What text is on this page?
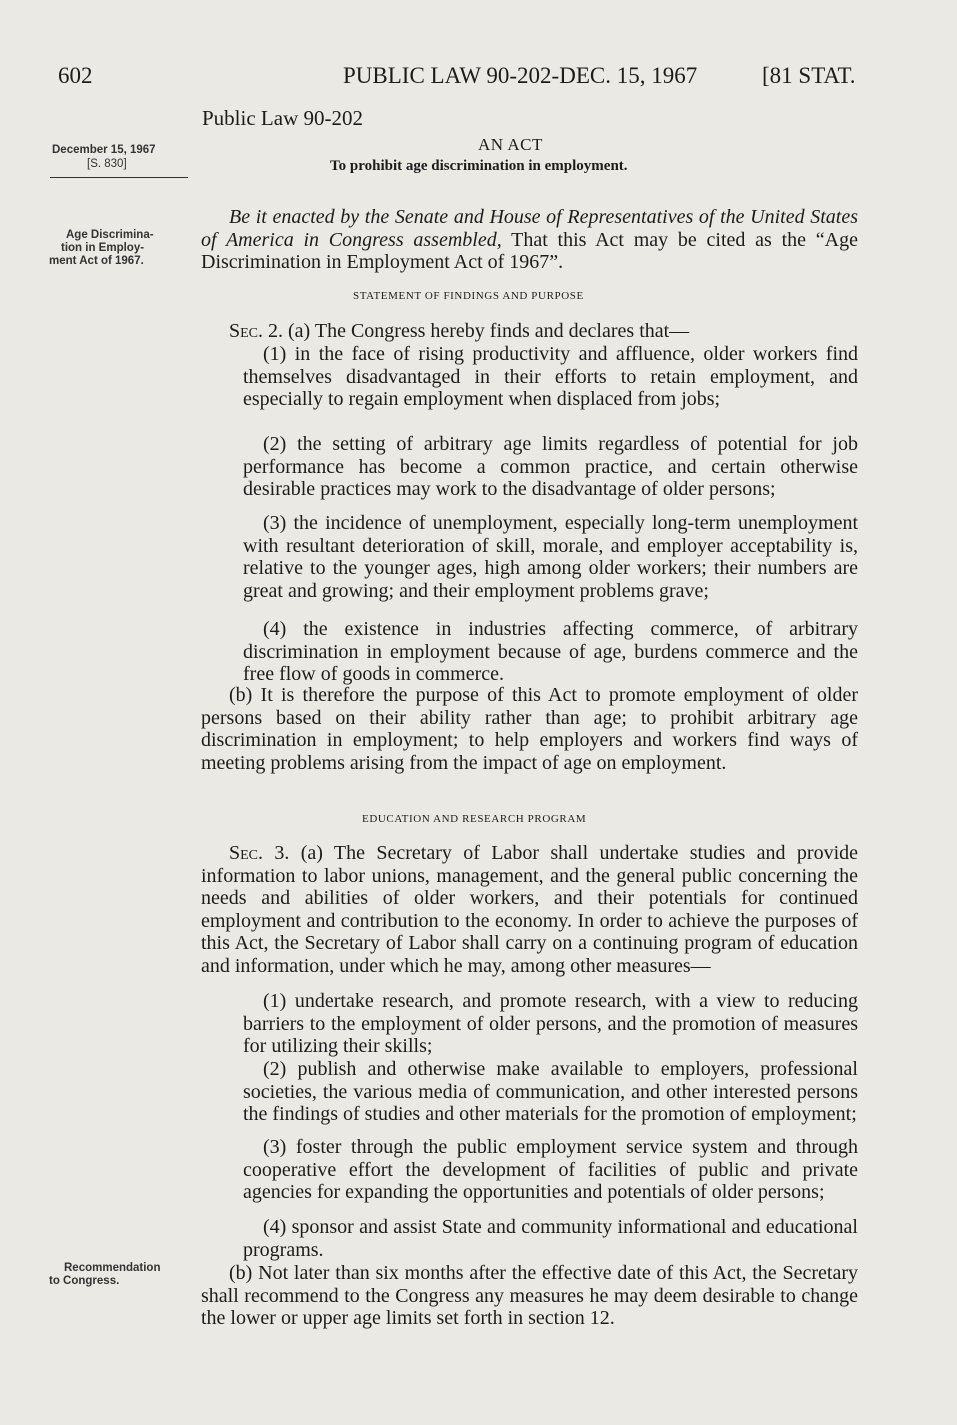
602	PUBLIC LAW 90-202-DEC. 15, 1967	[81 STAT.
Public Law 90-202
AN ACT
To prohibit age discrimination in employment.
December 15, 1967
[S. 830]
Age Discrimina-
tion in Employ-
ment Act of 1967.
Recommendation
to Congress.
Be it enacted by the Senate and House of Representatives of the United States of America in Congress assembled, That this Act may be cited as the “Age Discrimination in Employment Act of 1967”.
STATEMENT OF FINDINGS AND PURPOSE
Sec. 2. (a) The Congress hereby finds and declares that—
(1) in the face of rising productivity and affluence, older workers find themselves disadvantaged in their efforts to retain employment, and especially to regain employment when displaced from jobs;
(2) the setting of arbitrary age limits regardless of potential for job performance has become a common practice, and certain otherwise desirable practices may work to the disadvantage of older persons;
(3) the incidence of unemployment, especially long-term unemployment with resultant deterioration of skill, morale, and employer acceptability is, relative to the younger ages, high among older workers; their numbers are great and growing; and their employment problems grave;
(4) the existence in industries affecting commerce, of arbitrary discrimination in employment because of age, burdens commerce and the free flow of goods in commerce.
(b) It is therefore the purpose of this Act to promote employment of older persons based on their ability rather than age; to prohibit arbitrary age discrimination in employment; to help employers and workers find ways of meeting problems arising from the impact of age on employment.
EDUCATION AND RESEARCH PROGRAM
Sec. 3. (a) The Secretary of Labor shall undertake studies and provide information to labor unions, management, and the general public concerning the needs and abilities of older workers, and their potentials for continued employment and contribution to the economy. In order to achieve the purposes of this Act, the Secretary of Labor shall carry on a continuing program of education and information, under which he may, among other measures—
(1) undertake research, and promote research, with a view to reducing barriers to the employment of older persons, and the promotion of measures for utilizing their skills;
(2) publish and otherwise make available to employers, professional societies, the various media of communication, and other interested persons the findings of studies and other materials for the promotion of employment;
(3) foster through the public employment service system and through cooperative effort the development of facilities of public and private agencies for expanding the opportunities and potentials of older persons;
(4) sponsor and assist State and community informational and educational programs.
(b) Not later than six months after the effective date of this Act, the Secretary shall recommend to the Congress any measures he may deem desirable to change the lower or upper age limits set forth in section 12.
